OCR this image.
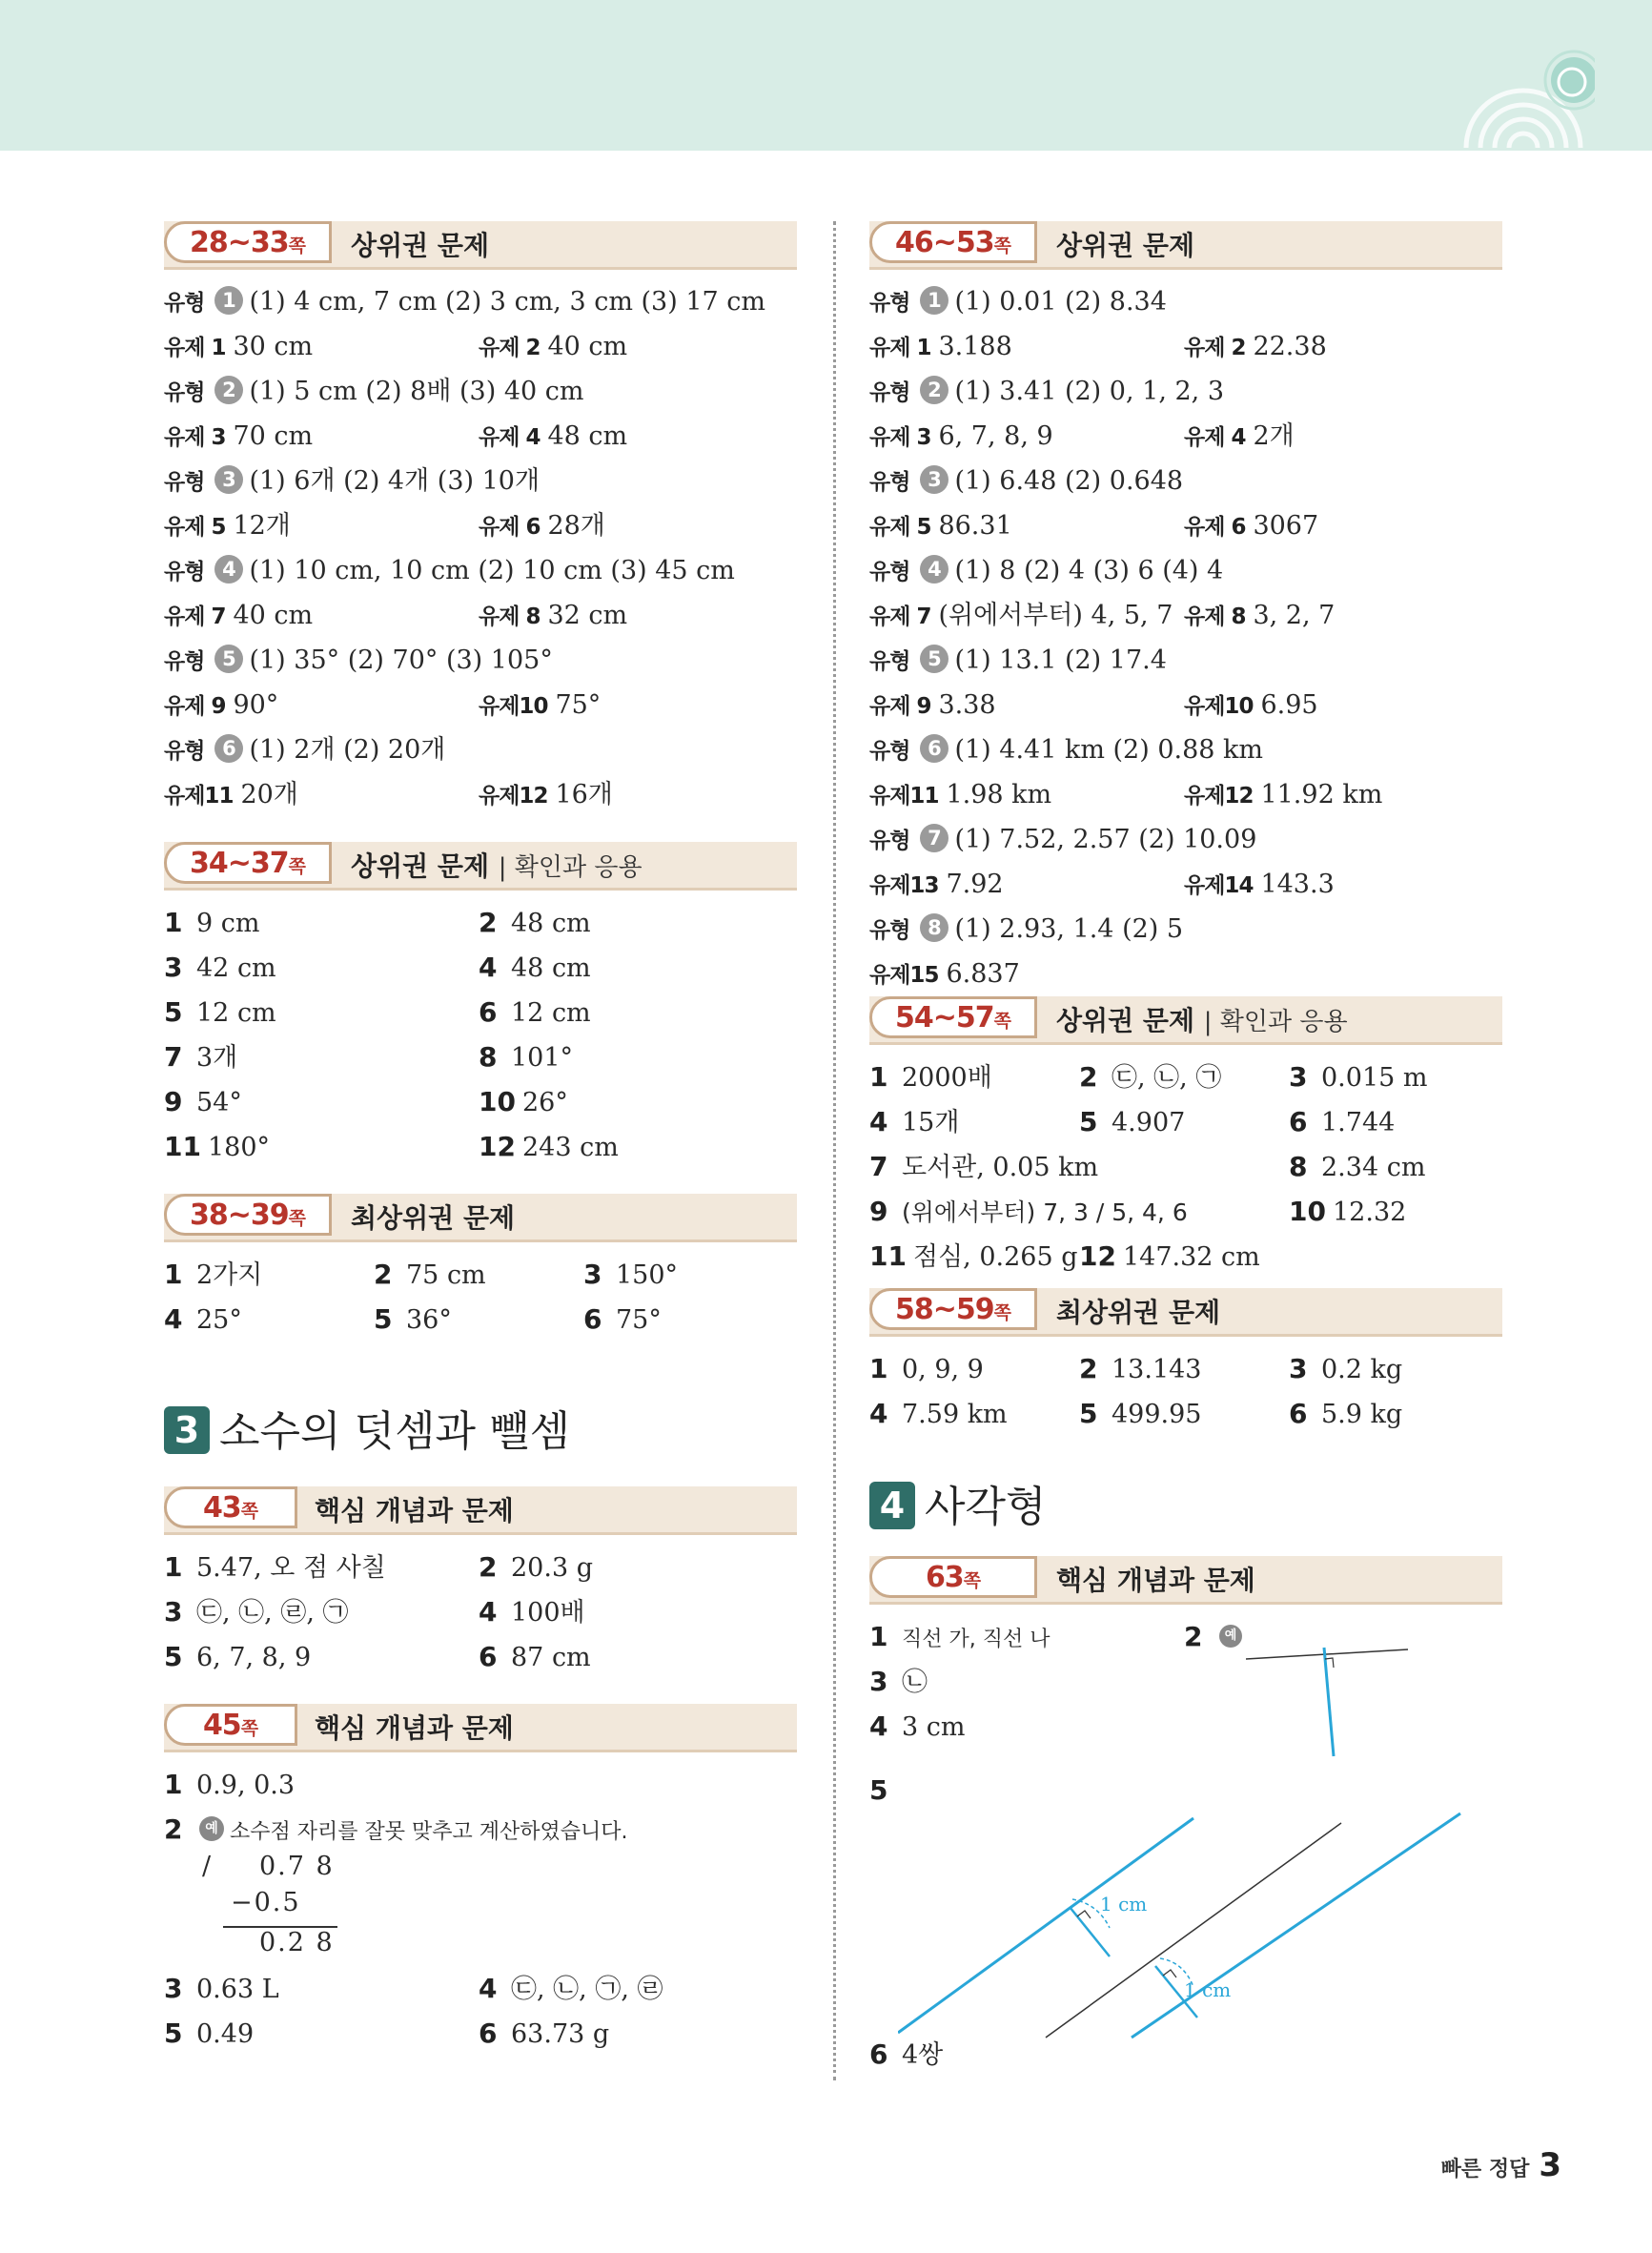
28~33쪽	상위권 문제
유형 1 (1) 4 cm, 7 cm (2) 3 cm, 3 cm (3) 17 cm
유제 1 30 cm	유제 2 40 cm
유형 2 (1) 5 cm (2) 8배 (3) 40 cm
유제 3 70 cm	유제 4 48 cm
유형 3 (1) 6개 (2) 4개 (3) 10개
유제 5 12개	유제 6 28개
유형 4 (1) 10 cm, 10 cm (2) 10 cm (3) 45 cm
유제 7 40 cm	유제 8 32 cm
유형 5 (1) 35° (2) 70° (3) 105°
유제 9 90°	유제10 75°
유형 6 (1) 2개 (2) 20개
유제11 20개	유제12 16개
34~37쪽	상위권 문제 | 확인과 응용
1 9 cm	2 48 cm
3 42 cm	4 48 cm
5 12 cm	6 12 cm
7 3개	8 101°
9 54°	10 26°
11 180°	12 243 cm
38~39쪽	최상위권 문제
1 2가지	2 75 cm	3 150°
4 25°	5 36°	6 75°
3 소수의 덧셈과 뺄셈
43쪽	핵심 개념과 문제
1 5.47, 오 점 사칠	2 20.3 g
3 ㉢, ㉡, ㉣, ㉠	4 100배
5 6, 7, 8, 9	6 87 cm
45쪽	핵심 개념과 문제
1 0.9, 0.3
2 예 소수점 자리를 잘못 맞추고 계산하였습니다.
/ 0.7 8
−0.5
0.2 8
3 0.63 L	4 ㉢, ㉡, ㉠, ㉣
5 0.49	6 63.73 g
46~53쪽	상위권 문제
유형 1 (1) 0.01 (2) 8.34
유제 1 3.188	유제 2 22.38
유형 2 (1) 3.41 (2) 0, 1, 2, 3
유제 3 6, 7, 8, 9	유제 4 2개
유형 3 (1) 6.48 (2) 0.648
유제 5 86.31	유제 6 3067
유형 4 (1) 8 (2) 4 (3) 6 (4) 4
유제 7 (위에서부터) 4, 5, 7 유제 8 3, 2, 7
유형 5 (1) 13.1 (2) 17.4
유제 9 3.38	유제10 6.95
유형 6 (1) 4.41 km (2) 0.88 km
유제11 1.98 km	유제12 11.92 km
유형 7 (1) 7.52, 2.57 (2) 10.09
유제13 7.92	유제14 143.3
유형 8 (1) 2.93, 1.4 (2) 5
유제15 6.837
54~57쪽	상위권 문제 | 확인과 응용
1 2000배	2 ㉢, ㉡, ㉠	3 0.015 m
4 15개	5 4.907	6 1.744
7 도서관, 0.05 km	8 2.34 cm
9 (위에서부터) 7, 3 / 5, 4, 6	10 12.32
11 점심, 0.265 g 12 147.32 cm
58~59쪽	최상위권 문제
1 0, 9, 9	2 13.143	3 0.2 kg
4 7.59 km	5 499.95	6 5.9 kg
4 사각형
63쪽	핵심 개념과 문제
1 직선 가, 직선 나	2 예
3 ㉡
4 3 cm
5
6 4쌍
1 cm
1 cm
빠른 정답 3
